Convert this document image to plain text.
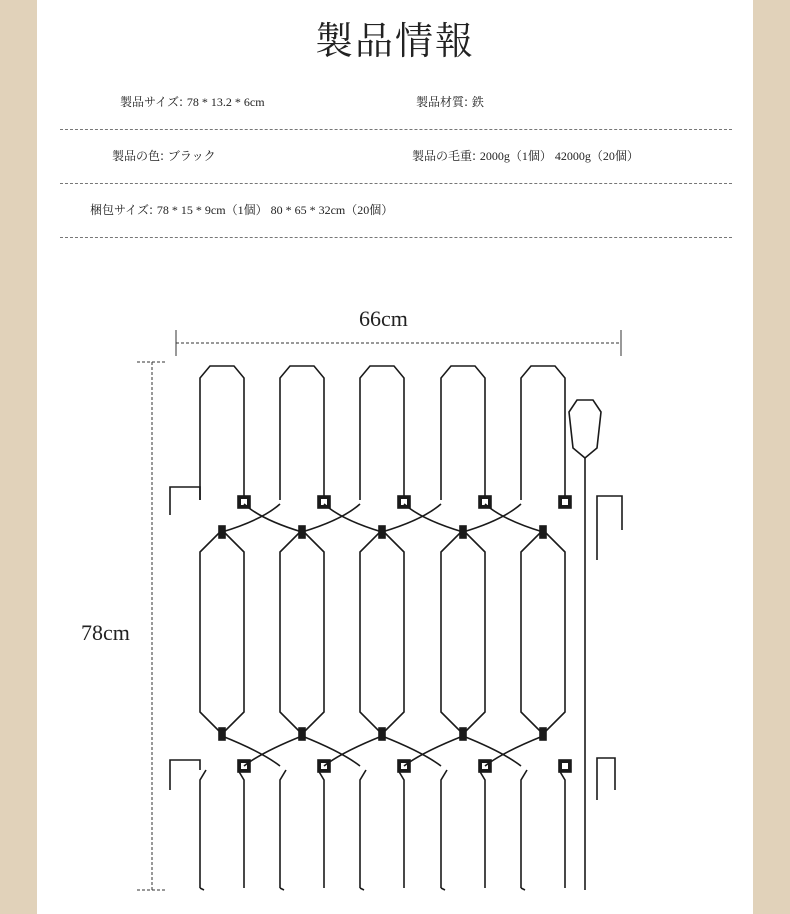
製品情報
製品サイズ: 78 * 13.2 * 6cm	製品材質: 鉄
製品の色: ブラック	製品の毛重: 2000g（1個） 42000g（20個）
梱包サイズ: 78 * 15 * 9cm（1個） 80 * 65 * 32cm（20個）
66cm
78cm
